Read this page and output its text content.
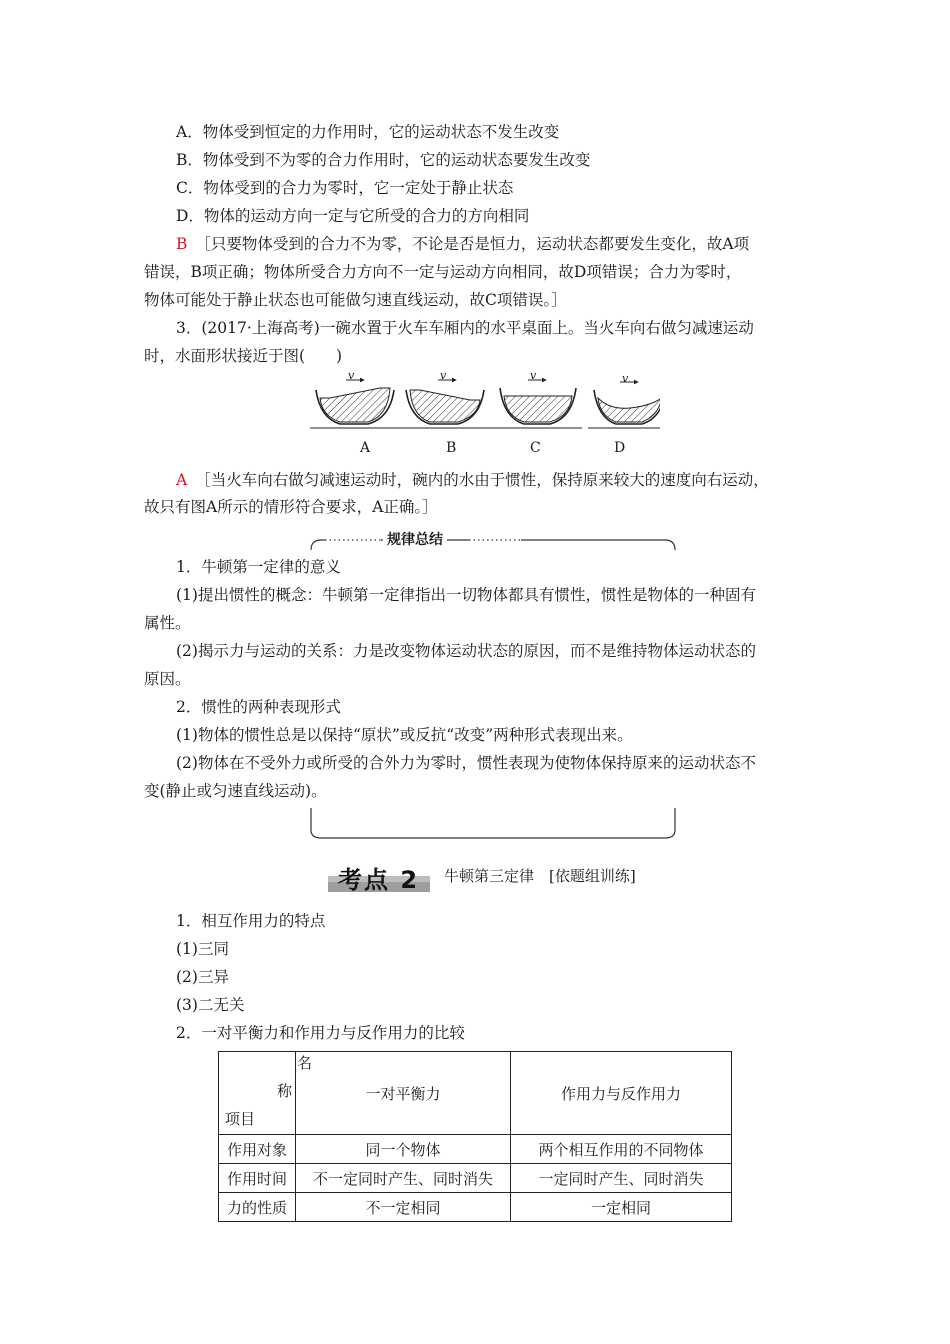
A．物体受到恒定的力作用时，它的运动状态不发生改变
B．物体受到不为零的合力作用时，它的运动状态要发生改变
C．物体受到的合力为零时，它一定处于静止状态
D．物体的运动方向一定与它所受的合力的方向相同
B ［只要物体受到的合力不为零，不论是否是恒力，运动状态都要发生变化，故A项
错误，B项正确；物体所受合力方向不一定与运动方向相同，故D项错误；合力为零时，
物体可能处于静止状态也可能做匀速直线运动，故C项错误。］
3．(2017·上海高考)一碗水置于火车车厢内的水平桌面上。当火车向右做匀减速运动
时，水面形状接近于图(　　)
v	v	v	v
A	B	C	D
A ［当火车向右做匀减速运动时，碗内的水由于惯性，保持原来较大的速度向右运动，
故只有图A所示的情形符合要求，A正确。］
规律总结
1．牛顿第一定律的意义
(1)提出惯性的概念：牛顿第一定律指出一切物体都具有惯性，惯性是物体的一种固有
属性。
(2)揭示力与运动的关系：力是改变物体运动状态的原因，而不是维持物体运动状态的
原因。
2．惯性的两种表现形式
(1)物体的惯性总是以保持“原状”或反抗“改变”两种形式表现出来。
(2)物体在不受外力或所受的合外力为零时，惯性表现为使物体保持原来的运动状态不
变(静止或匀速直线运动)。
考点 2 牛顿第三定律　[依题组训练]
1．相互作用力的特点
(1)三同
(2)三异
(3)二无关
2．一对平衡力和作用力与反作用力的比较
名
称
项目	一对平衡力	作用力与反作用力
作用对象	同一个物体	两个相互作用的不同物体
作用时间	不一定同时产生、同时消失	一定同时产生、同时消失
力的性质	不一定相同	一定相同
